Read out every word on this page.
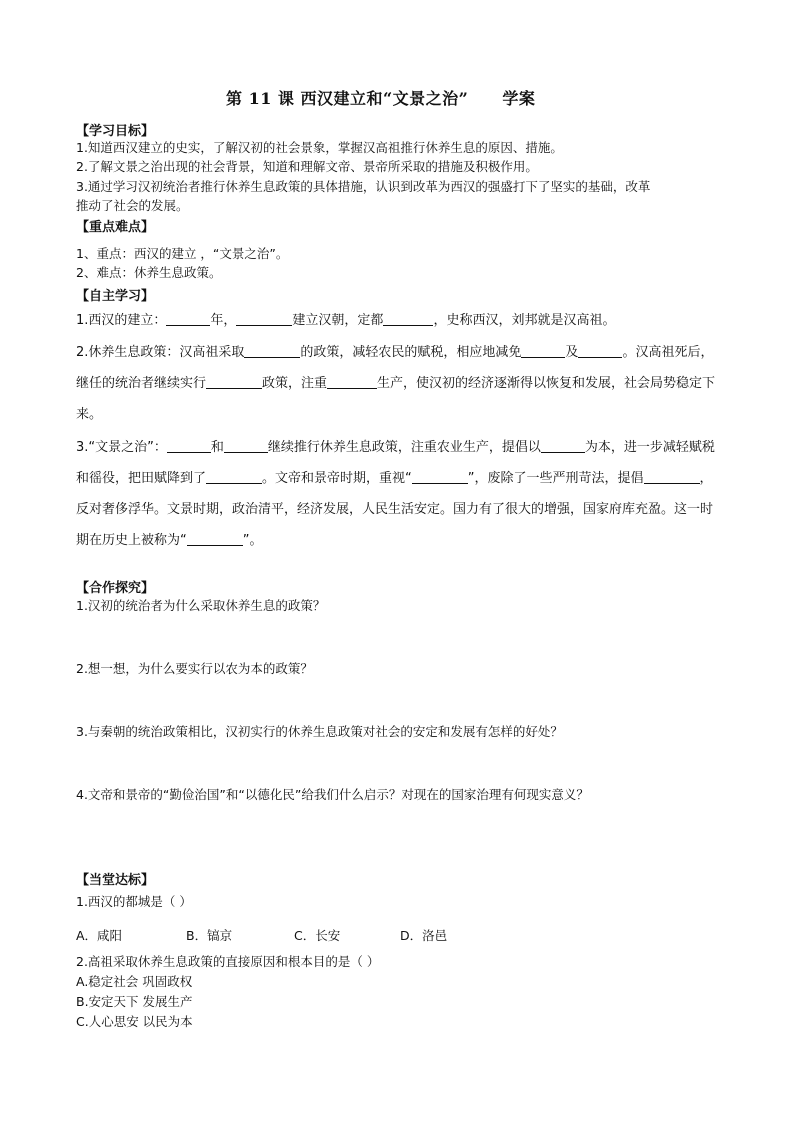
第 11 课 西汉建立和“文景之治” 学案
【学习目标】
1.知道西汉建立的史实，了解汉初的社会景象，掌握汉高祖推行休养生息的原因、措施。
2.了解文景之治出现的社会背景，知道和理解文帝、景帝所采取的措施及积极作用。
3.通过学习汉初统治者推行休养生息政策的具体措施，认识到改革为西汉的强盛打下了坚实的基础，改革
推动了社会的发展。
【重点难点】
1、重点：西汉的建立 ，“文景之治”。
2、难点：休养生息政策。
【自主学习】
1.西汉的建立：	年，	建立汉朝，定都	，史称西汉，刘邦就是汉高祖。
2.休养生息政策：汉高祖采取	的政策，减轻农民的赋税，相应地减免	及	。汉高祖死后，继任的统治者继续实行	政策，注重	生产，使汉初的经济逐渐得以恢复和发展，社会局势稳定下来。
3.“文景之治”：	和	继续推行休养生息政策，注重农业生产，提倡以	为本，进一步减轻赋税和徭役，把田赋降到了	。文帝和景帝时期，重视“	”，废除了一些严刑苛法，提倡	，反对奢侈浮华。文景时期，政治清平，经济发展，人民生活安定。国力有了很大的增强，国家府库充盈。这一时期在历史上被称为“	”。
【合作探究】
1.汉初的统治者为什么采取休养生息的政策？
2.想一想，为什么要实行以农为本的政策？
3.与秦朝的统治政策相比，汉初实行的休养生息政策对社会的安定和发展有怎样的好处？
4.文帝和景帝的“勤俭治国”和“以德化民”给我们什么启示？对现在的国家治理有何现实意义？
【当堂达标】
1.西汉的都城是（ ）
A．咸阳	B．镐京	C．长安	D．洛邑
2.高祖采取休养生息政策的直接原因和根本目的是（ ）
A.稳定社会 巩固政权
B.安定天下 发展生产
C.人心思安 以民为本
